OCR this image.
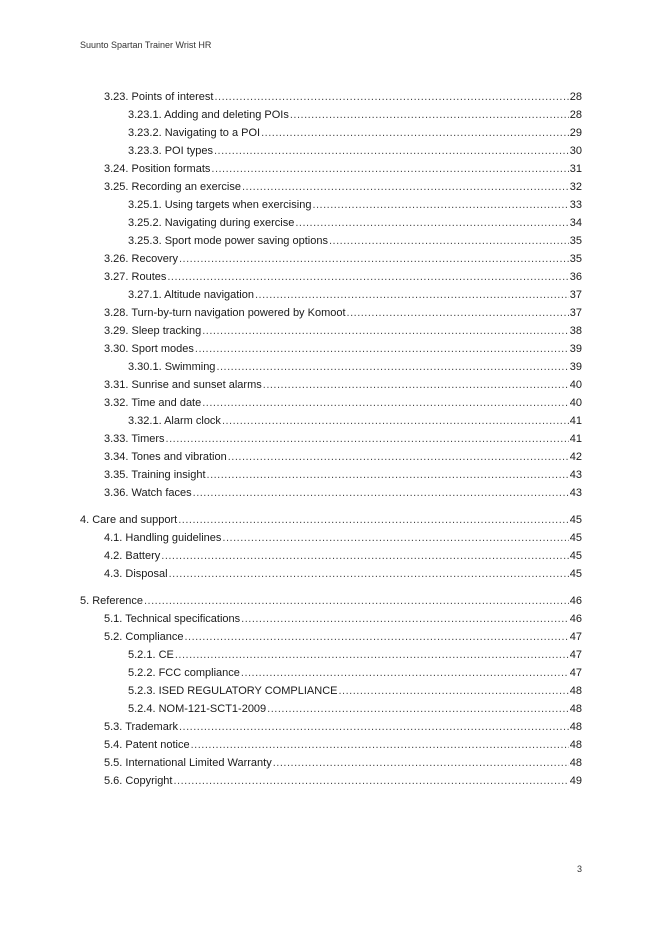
Suunto Spartan Trainer Wrist HR
3.23. Points of interest .....	28
3.23.1. Adding and deleting POIs .....	28
3.23.2. Navigating to a POI .....	29
3.23.3. POI types .....	30
3.24. Position formats .....	31
3.25. Recording an exercise .....	32
3.25.1. Using targets when exercising .....	33
3.25.2. Navigating during exercise .....	34
3.25.3. Sport mode power saving options .....	35
3.26. Recovery .....	35
3.27. Routes .....	36
3.27.1. Altitude navigation .....	37
3.28. Turn-by-turn navigation powered by Komoot .....	37
3.29. Sleep tracking .....	38
3.30. Sport modes .....	39
3.30.1. Swimming .....	39
3.31. Sunrise and sunset alarms .....	40
3.32. Time and date .....	40
3.32.1. Alarm clock .....	41
3.33. Timers .....	41
3.34. Tones and vibration .....	42
3.35. Training insight .....	43
3.36. Watch faces .....	43
4. Care and support .....	45
4.1. Handling guidelines .....	45
4.2. Battery .....	45
4.3. Disposal .....	45
5. Reference .....	46
5.1. Technical specifications .....	46
5.2. Compliance .....	47
5.2.1. CE .....	47
5.2.2. FCC compliance .....	47
5.2.3. ISED REGULATORY COMPLIANCE .....	48
5.2.4. NOM-121-SCT1-2009 .....	48
5.3. Trademark .....	48
5.4. Patent notice .....	48
5.5. International Limited Warranty .....	48
5.6. Copyright .....	49
3
